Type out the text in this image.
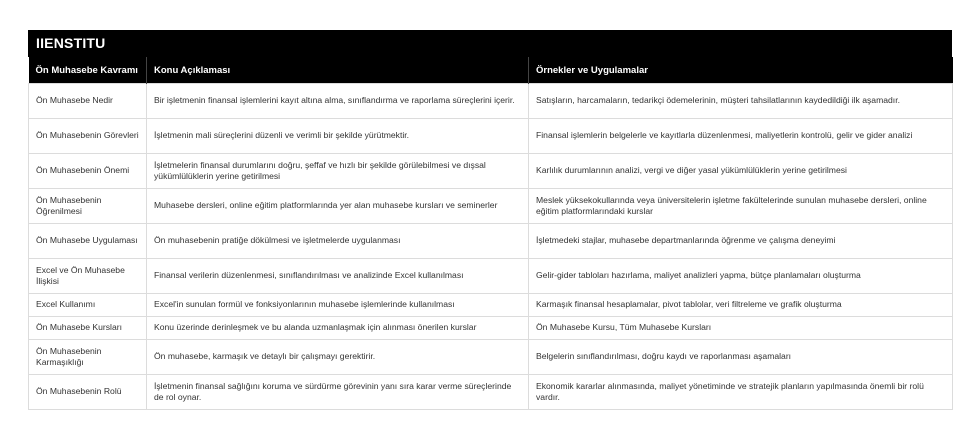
IIENSTITU
Ön Muhasebe Kavramı	Konu Açıklaması	Örnekler ve Uygulamalar
Ön Muhasebe Nedir	Bir işletmenin finansal işlemlerini kayıt altına alma, sınıflandırma ve raporlama süreçlerini içerir.	Satışların, harcamaların, tedarikçi ödemelerinin, müşteri tahsilatlarının kaydedildiği ilk aşamadır.
Ön Muhasebenin Görevleri	İşletmenin mali süreçlerini düzenli ve verimli bir şekilde yürütmektir.	Finansal işlemlerin belgelerle ve kayıtlarla düzenlenmesi, maliyetlerin kontrolü, gelir ve gider analizi
Ön Muhasebenin Önemi	İşletmelerin finansal durumlarını doğru, şeffaf ve hızlı bir şekilde görülebilmesi ve dışsal yükümlülüklerin yerine getirilmesi	Karlılık durumlarının analizi, vergi ve diğer yasal yükümlülüklerin yerine getirilmesi
Ön Muhasebenin Öğrenilmesi	Muhasebe dersleri, online eğitim platformlarında yer alan muhasebe kursları ve seminerler	Meslek yüksekokullarında veya üniversitelerin işletme fakültelerinde sunulan muhasebe dersleri, online eğitim platformlarındaki kurslar
Ön Muhasebe Uygulaması	Ön muhasebenin pratiğe dökülmesi ve işletmelerde uygulanması	İşletmedeki stajlar, muhasebe departmanlarında öğrenme ve çalışma deneyimi
Excel ve Ön Muhasebe İlişkisi	Finansal verilerin düzenlenmesi, sınıflandırılması ve analizinde Excel kullanılması	Gelir-gider tabloları hazırlama, maliyet analizleri yapma, bütçe planlamaları oluşturma
Excel Kullanımı	Excel'in sunulan formül ve fonksiyonlarının muhasebe işlemlerinde kullanılması	Karmaşık finansal hesaplamalar, pivot tablolar, veri filtreleme ve grafik oluşturma
Ön Muhasebe Kursları	Konu üzerinde derinleşmek ve bu alanda uzmanlaşmak için alınması önerilen kurslar	Ön Muhasebe Kursu, Tüm Muhasebe Kursları
Ön Muhasebenin Karmaşıklığı	Ön muhasebe, karmaşık ve detaylı bir çalışmayı gerektirir.	Belgelerin sınıflandırılması, doğru kaydı ve raporlanması aşamaları
Ön Muhasebenin Rolü	İşletmenin finansal sağlığını koruma ve sürdürme görevinin yanı sıra karar verme süreçlerinde de rol oynar.	Ekonomik kararlar alınmasında, maliyet yönetiminde ve stratejik planların yapılmasında önemli bir rolü vardır.
